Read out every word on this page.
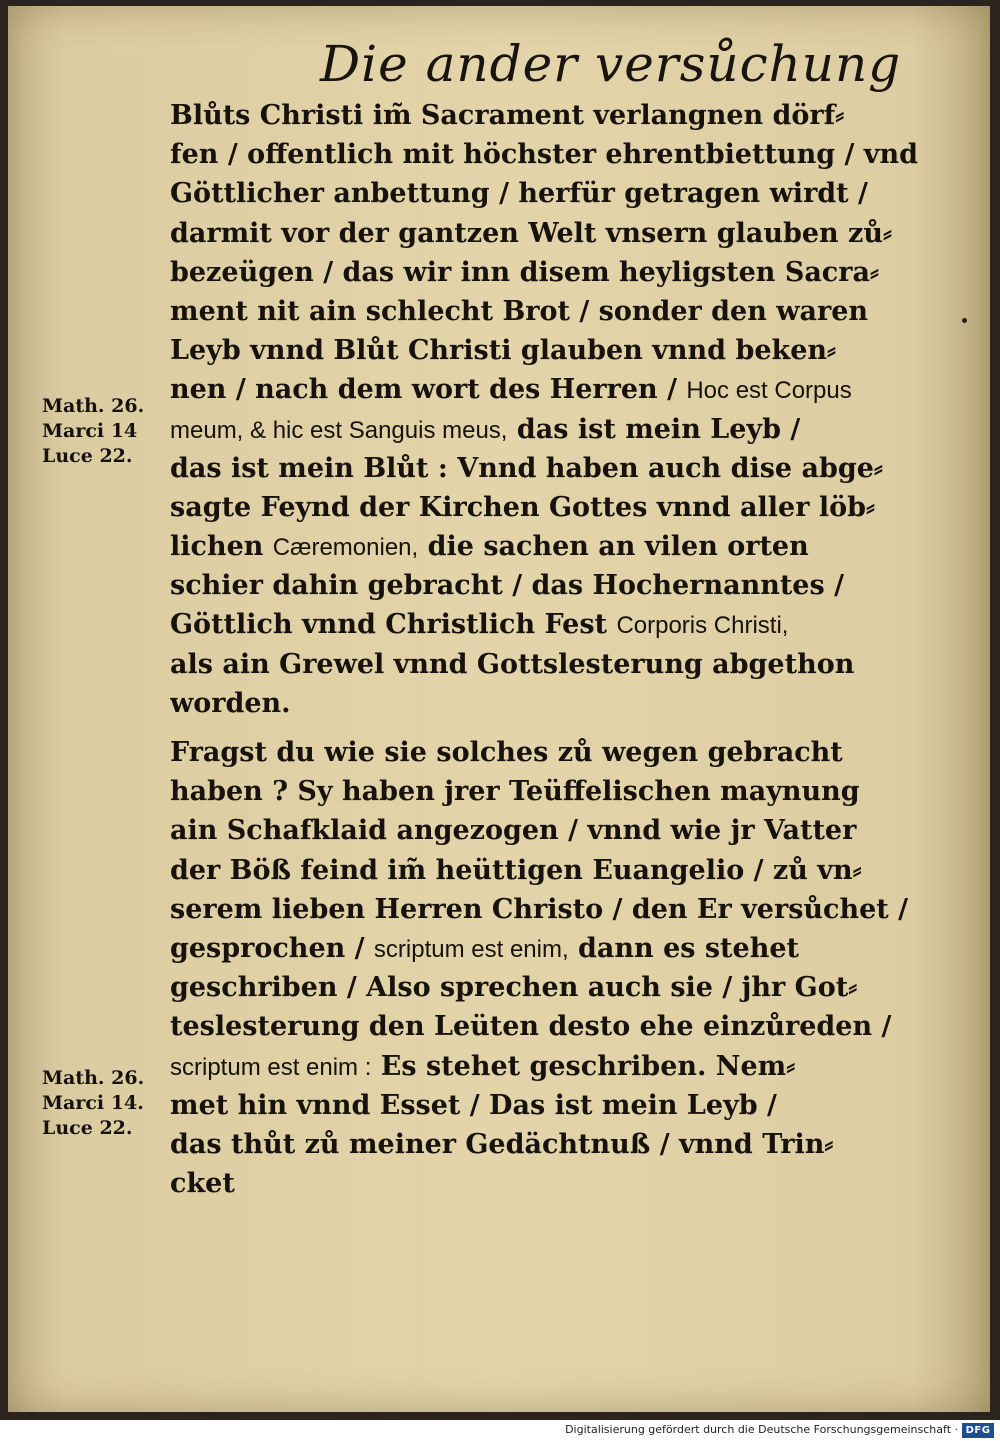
Die ander versůchung
Blůts Christi im̃ Sacrament verlangnen dörf⸗
fen / offentlich mit höchster ehrentbiettung / vnd
Göttlicher anbettung / herfür getragen wirdt /
darmit vor der gantzen Welt vnsern glauben zů⸗
bezeügen / das wir inn disem heyligsten Sacra⸗
ment nit ain schlecht Brot / sonder den waren
Leyb vnnd Blůt Christi glauben vnnd beken⸗
nen / nach dem wort des Herren / Hoc est Corpus
meum, & hic est Sanguis meus, das ist mein Leyb /
das ist mein Blůt : Vnnd haben auch dise abge⸗
sagte Feynd der Kirchen Gottes vnnd aller löb⸗
lichen Cæremonien, die sachen an vilen orten
schier dahin gebracht / das Hochernanntes /
Göttlich vnnd Christlich Fest Corporis Christi,
als ain Grewel vnnd Gottslesterung abgethon
worden.
Fragst du wie sie solches zů wegen gebracht
haben ? Sy haben jrer Teüffelischen maynung
ain Schafklaid angezogen / vnnd wie jr Vatter
der Böß feind im̃ heüttigen Euangelio / zů vn⸗
serem lieben Herren Christo / den Er versůchet /
gesprochen / scriptum est enim, dann es stehet
geschriben / Also sprechen auch sie / jhr Got⸗
teslesterung den Leüten desto ehe einzůreden /
scriptum est enim : Es stehet geschriben. Nem⸗
met hin vnnd Esset / Das ist mein Leyb /
das thůt zů meiner Gedächtnuß / vnnd Trin⸗
cket
Math. 26.
Marci 14
Luce 22.
Math. 26.
Marci 14.
Luce 22.
Digitalisierung gefördert durch die Deutsche Forschungsgemeinschaft · DFG
